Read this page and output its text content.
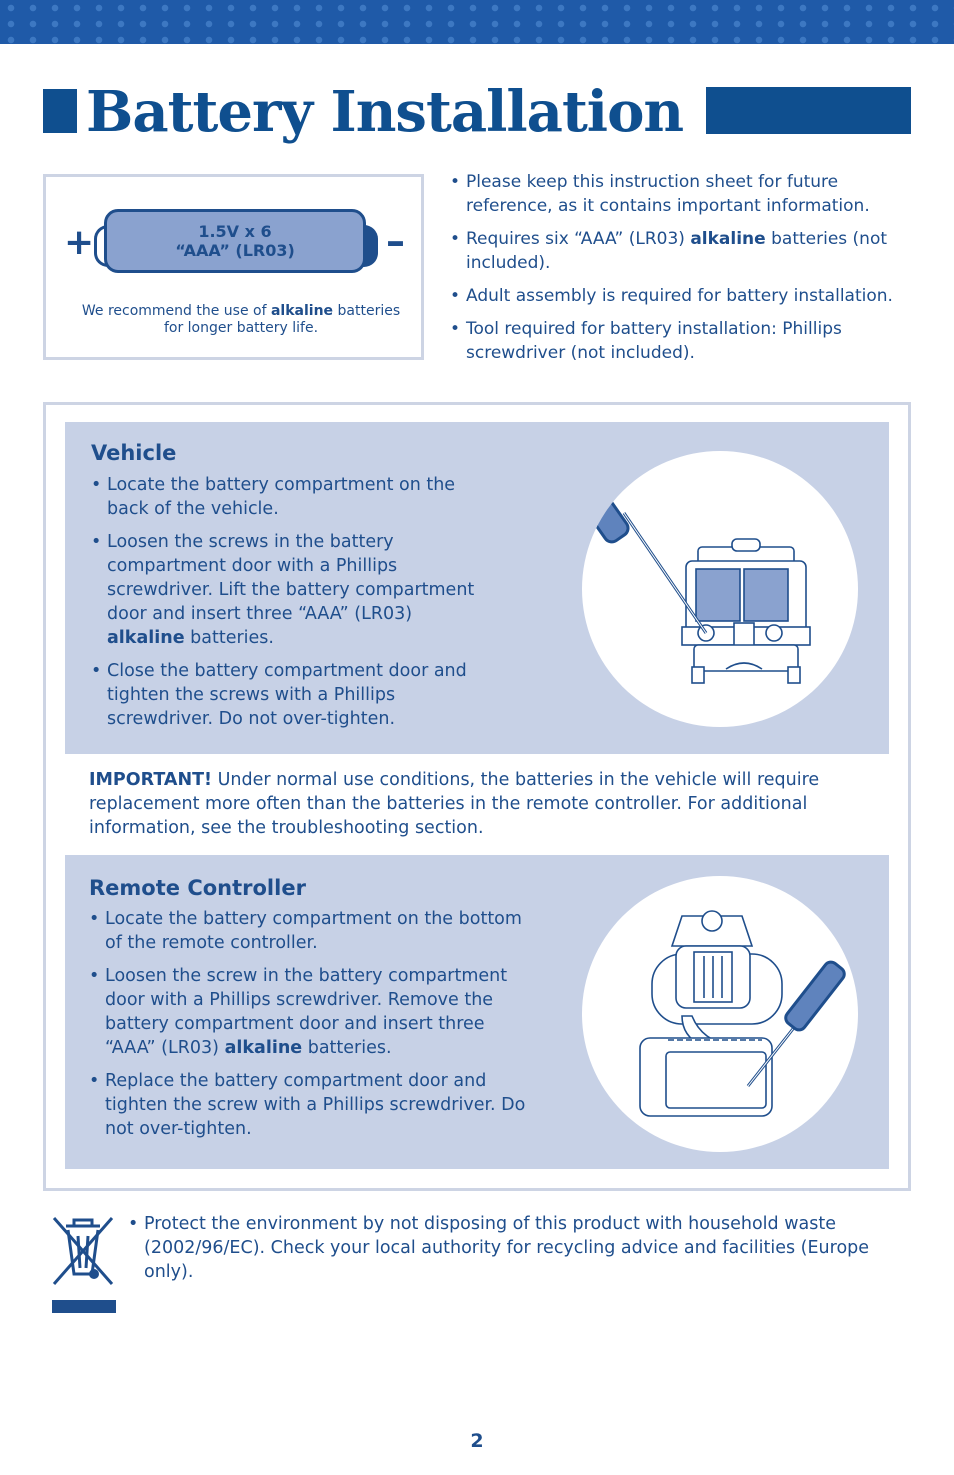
Battery Installation
+	1.5V x 6
“AAA” (LR03)	–
We recommend the use of alkaline batteries for longer battery life.
• Please keep this instruction sheet for future reference, as it contains important information.
• Requires six “AAA” (LR03) alkaline batteries (not included).
• Adult assembly is required for battery installation.
• Tool required for battery installation: Phillips screwdriver (not included).
Vehicle
• Locate the battery compartment on the back of the vehicle.
• Loosen the screws in the battery compartment door with a Phillips screwdriver. Lift the battery compartment door and insert three “AAA” (LR03) alkaline batteries.
• Close the battery compartment door and tighten the screws with a Phillips screwdriver. Do not over-tighten.
IMPORTANT! Under normal use conditions, the batteries in the vehicle will require replacement more often than the batteries in the remote controller. For additional information, see the troubleshooting section.
Remote Controller
• Locate the battery compartment on the bottom of the remote controller.
• Loosen the screw in the battery compartment door with a Phillips screwdriver. Remove the battery compartment door and insert three “AAA” (LR03) alkaline batteries.
• Replace the battery compartment door and tighten the screw with a Phillips screwdriver. Do not over-tighten.
• Protect the environment by not disposing of this product with household waste (2002/96/EC). Check your local authority for recycling advice and facilities (Europe only).
2
